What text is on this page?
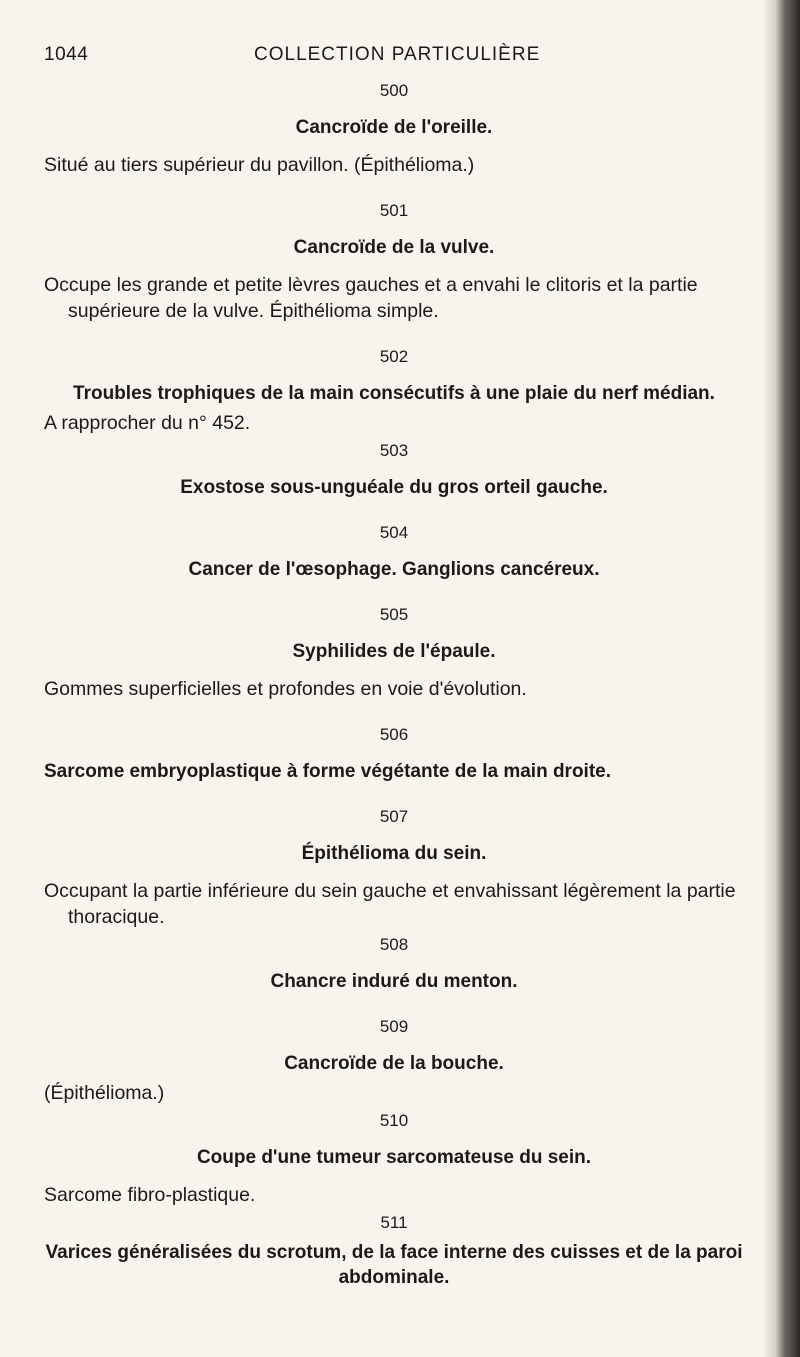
1044	COLLECTION PARTICULIÈRE
500
Cancroïde de l'oreille.
Situé au tiers supérieur du pavillon. (Épithélioma.)
501
Cancroïde de la vulve.
Occupe les grande et petite lèvres gauches et a envahi le clitoris et la partie supérieure de la vulve. Épithélioma simple.
502
Troubles trophiques de la main consécutifs à une plaie du nerf médian.
A rapprocher du n° 452.
503
Exostose sous-unguéale du gros orteil gauche.
504
Cancer de l'œsophage. Ganglions cancéreux.
505
Syphilides de l'épaule.
Gommes superficielles et profondes en voie d'évolution.
506
Sarcome embryoplastique à forme végétante de la main droite.
507
Épithélioma du sein.
Occupant la partie inférieure du sein gauche et envahissant légèrement la partie thoracique.
508
Chancre induré du menton.
509
Cancroïde de la bouche.
(Épithélioma.)
510
Coupe d'une tumeur sarcomateuse du sein.
Sarcome fibro-plastique.
511
Varices généralisées du scrotum, de la face interne des cuisses et de la paroi abdominale.
